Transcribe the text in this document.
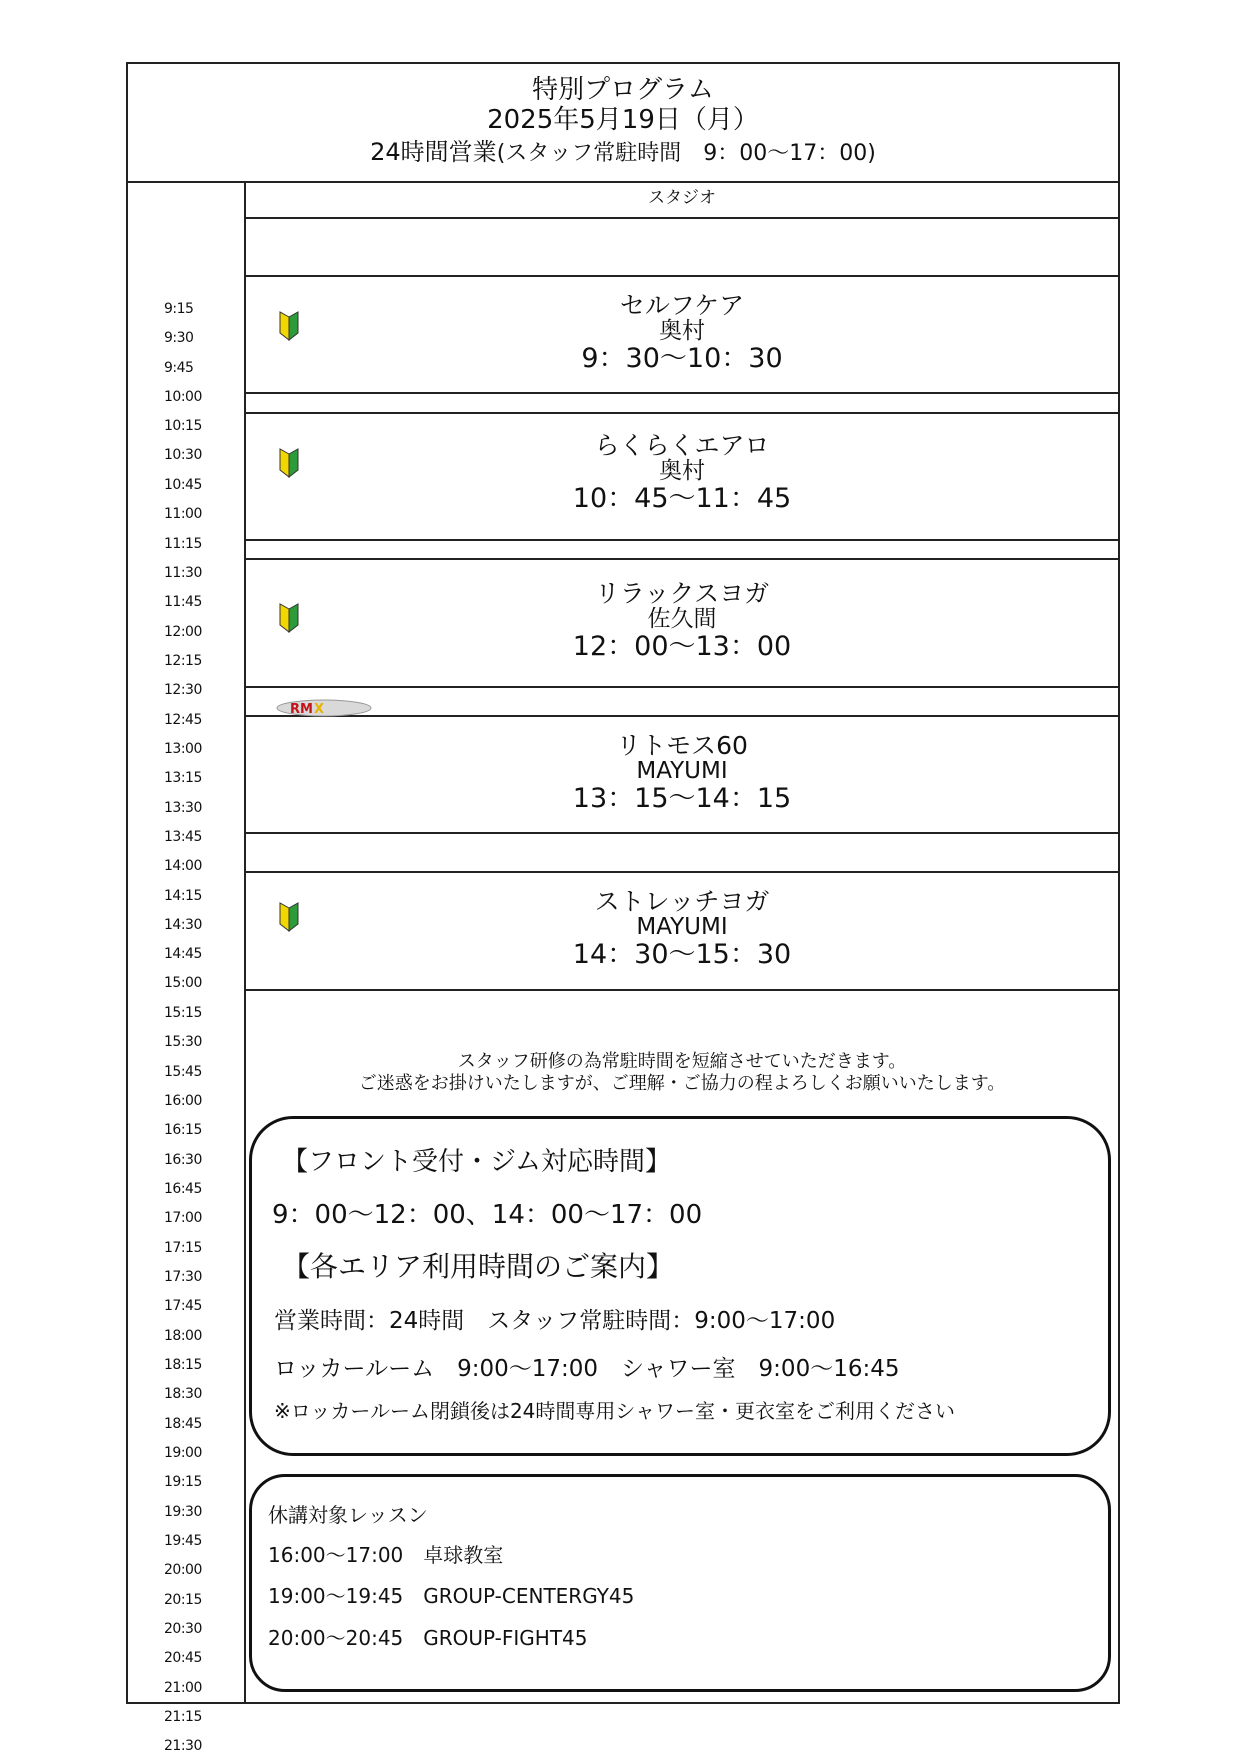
特別プログラム
2025年5月19日（月）
24時間営業(スタッフ常駐時間　9：00～17：00)
9:15
9:30
9:45
10:00
10:15
10:30
10:45
11:00
11:15
11:30
11:45
12:00
12:15
12:30
12:45
13:00
13:15
13:30
13:45
14:00
14:15
14:30
14:45
15:00
15:15
15:30
15:45
16:00
16:15
16:30
16:45
17:00
17:15
17:30
17:45
18:00
18:15
18:30
18:45
19:00
19:15
19:30
19:45
20:00
20:15
20:30
20:45
21:00
21:15
21:30
スタジオ
セルフケア
奥村
9：30～10：30
らくらくエアロ
奥村
10：45～11：45
リラックスヨガ
佐久間
12：00～13：00
RM X
リトモス60
MAYUMI
13：15～14：15
ストレッチヨガ
MAYUMI
14：30～15：30
スタッフ研修の為常駐時間を短縮させていただきます。
ご迷惑をお掛けいたしますが、ご理解・ご協力の程よろしくお願いいたします。
【フロント受付・ジム対応時間】
9：00～12：00、14：00～17：00
【各エリア利用時間のご案内】
営業時間：24時間　スタッフ常駐時間：9:00～17:00
ロッカールーム　9:00～17:00　シャワー室　9:00～16:45
※ロッカールーム閉鎖後は24時間専用シャワー室・更衣室をご利用ください
休講対象レッスン
16:00～17:00　卓球教室
19:00～19:45　GROUP-CENTERGY45
20:00～20:45　GROUP-FIGHT45
